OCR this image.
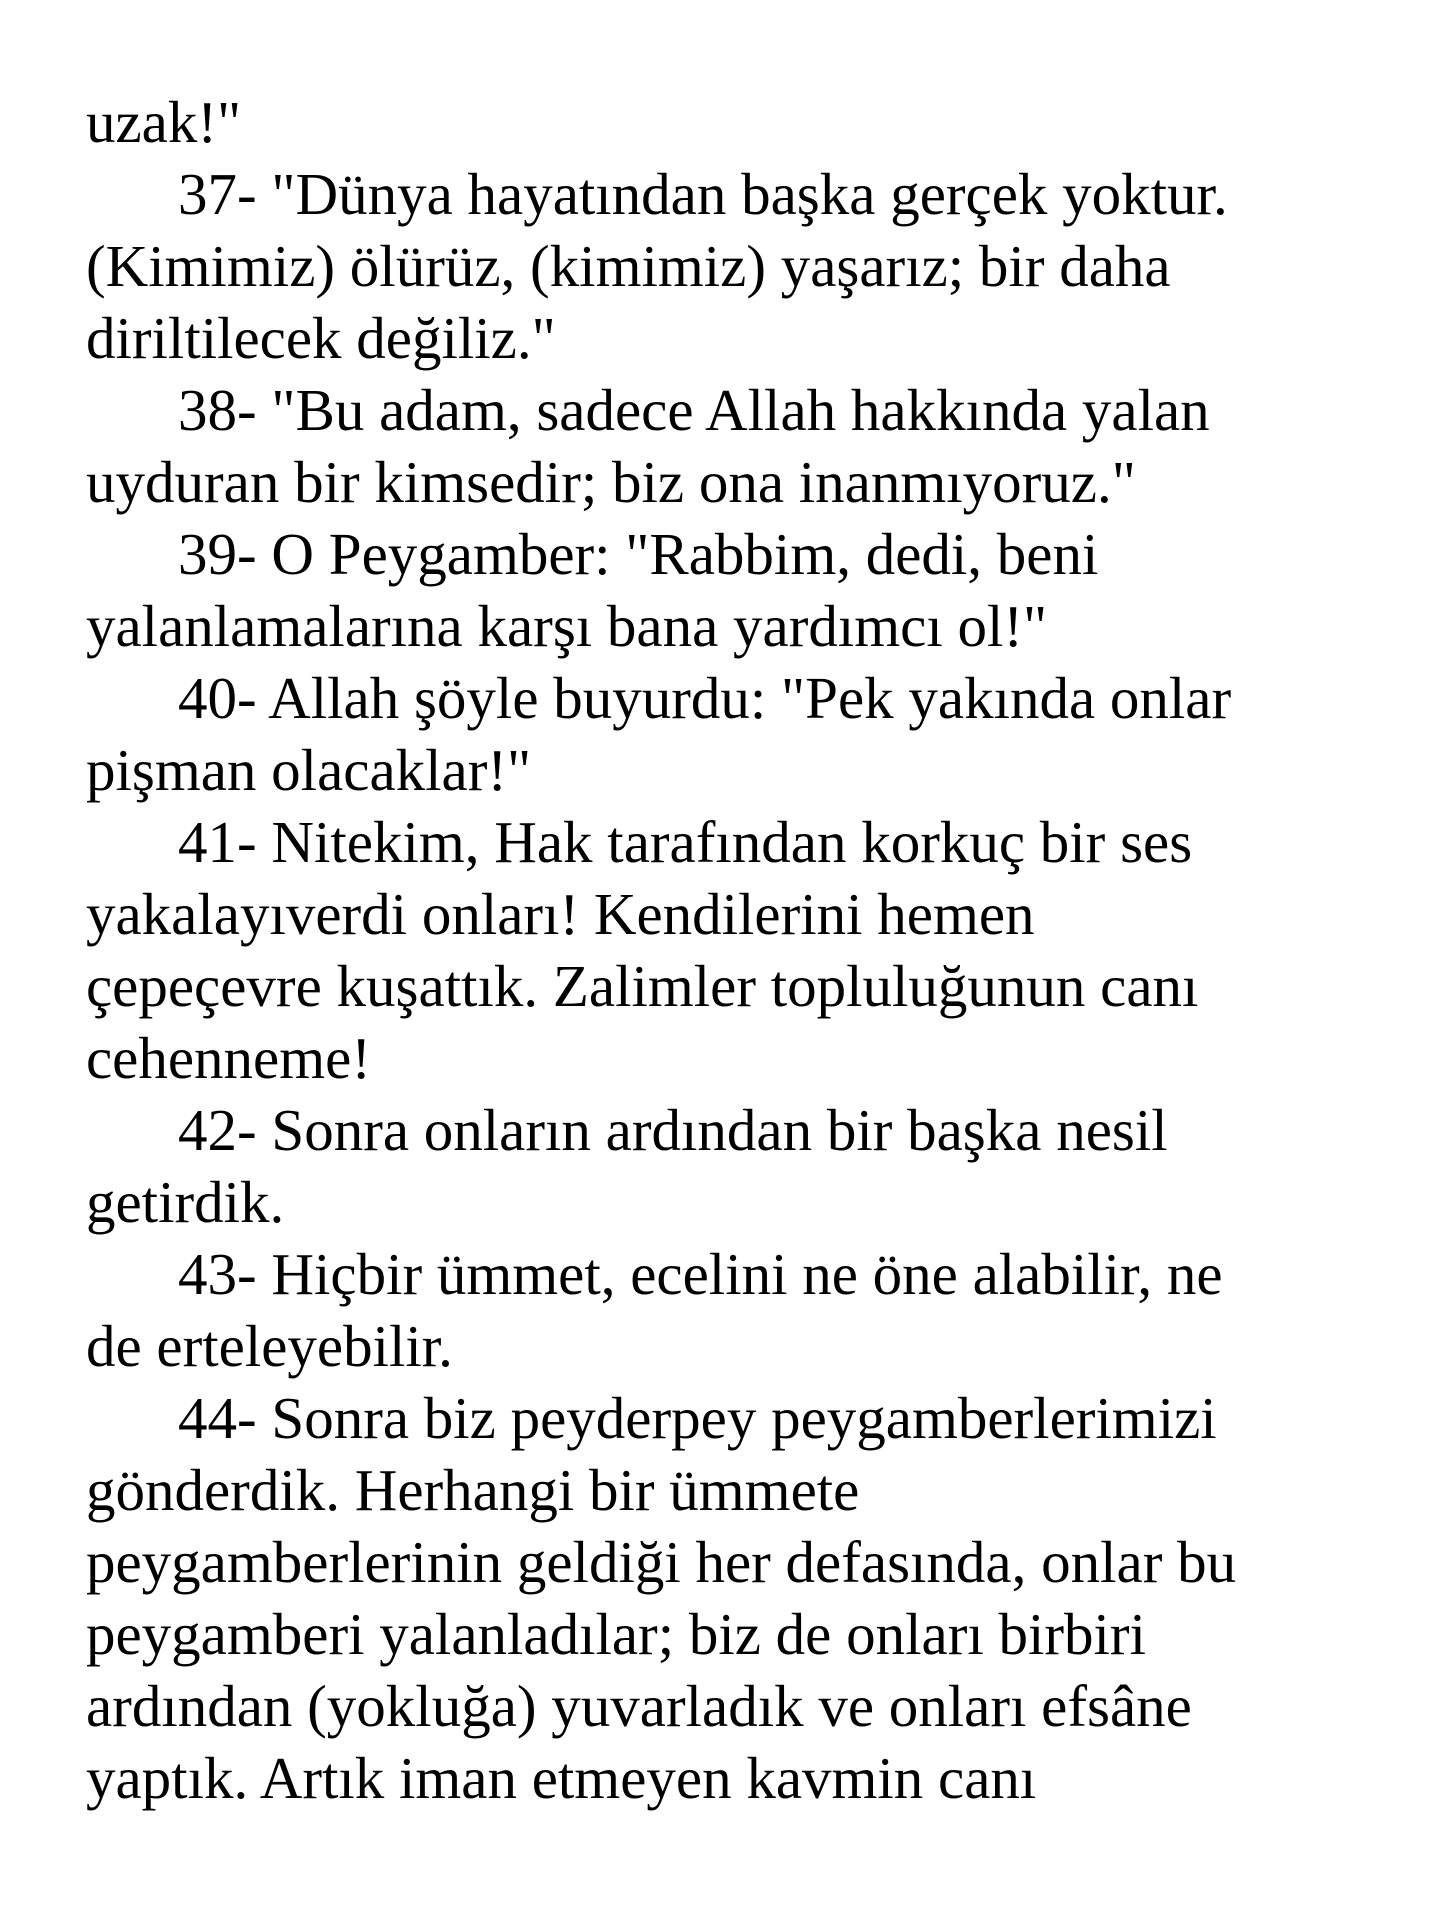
uzak!"
37- "Dünya hayatından başka gerçek yoktur.
(Kimimiz) ölürüz, (kimimiz) yaşarız; bir daha
diriltilecek değiliz."
38- "Bu adam, sadece Allah hakkında yalan
uyduran bir kimsedir; biz ona inanmıyoruz."
39- O Peygamber: "Rabbim, dedi, beni
yalanlamalarına karşı bana yardımcı ol!"
40- Allah şöyle buyurdu: "Pek yakında onlar
pişman olacaklar!"
41- Nitekim, Hak tarafından korkuç bir ses
yakalayıverdi onları! Kendilerini hemen
çepeçevre kuşattık. Zalimler topluluğunun canı
cehenneme!
42- Sonra onların ardından bir başka nesil
getirdik.
43- Hiçbir ümmet, ecelini ne öne alabilir, ne
de erteleyebilir.
44- Sonra biz peyderpey peygamberlerimizi
gönderdik. Herhangi bir ümmete
peygamberlerinin geldiği her defasında, onlar bu
peygamberi yalanladılar; biz de onları birbiri
ardından (yokluğa) yuvarladık ve onları efsâne
yaptık. Artık iman etmeyen kavmin canı
